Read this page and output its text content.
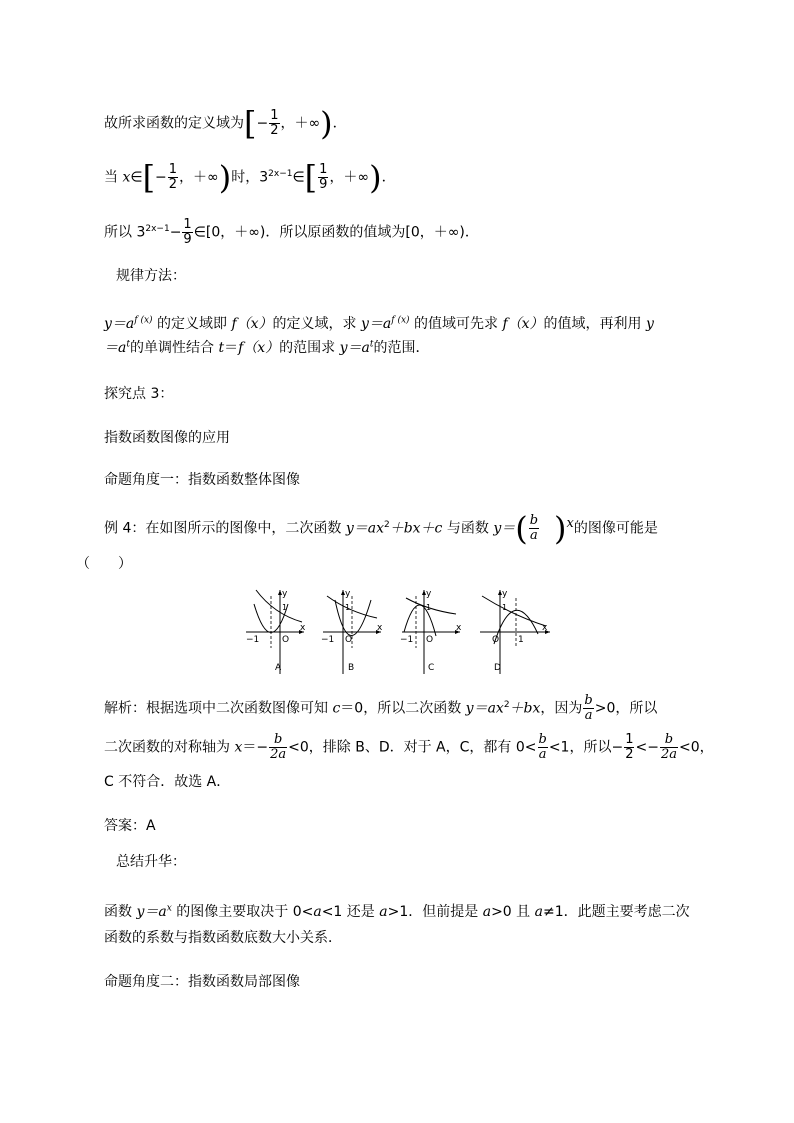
故所求函数的定义域为[− $\frac{1}{2}$ ，＋∞)．
当 x∈[− $\frac{1}{2}$ ，＋∞)时，$3^{2x-1}\in[ \frac{1}{9}$ ，＋∞)．
所以 $3^{2x-1}- \frac{1}{9}$ ∈[0，＋∞)．所以原函数的值域为[0，＋∞)．
规律方法：
$y=a^{f (x)}$ 的定义域即 f（x）的定义域，求 $y=a^{f (x)}$ 的值域可先求 f（x）的值域，再利用 y
$=a^t$的单调性结合 t＝f（x）的范围求 $y=a^t$的范围．
探究点 3：
指数函数图像的应用
命题角度一：指数函数整体图像
例 4：在如图所示的图像中，二次函数 $y=ax^2+bx+c$ 与函数 $y=( \frac{b}{a}$
  )$^x$的图像可能是
（　　）
y
x
1
−1	O
A
y
x
1
−1 O
B
y
x
1
−1 O
C
y
x
1
O 1
D
解析：根据选项中二次函数图像可知 c＝0，所以二次函数 $y=ax^2+bx$，因为 $\frac{b}{a} >0$，所以
二次函数的对称轴为 $x=- \frac{b}{2a} <0$，排除 B、D．对于 A，C，都有 $0< \frac{b}{a} <1$，所以− $\frac{1}{2} <- \frac{b}{2a} <0$，
C 不符合．故选 A．
答案：A
总结升华：
函数 $y=a^x$ 的图像主要取决于 0<a<1 还是 a>1．但前提是 a>0 且 a≠1．此题主要考虑二次
函数的系数与指数函数底数大小关系．
命题角度二：指数函数局部图像
